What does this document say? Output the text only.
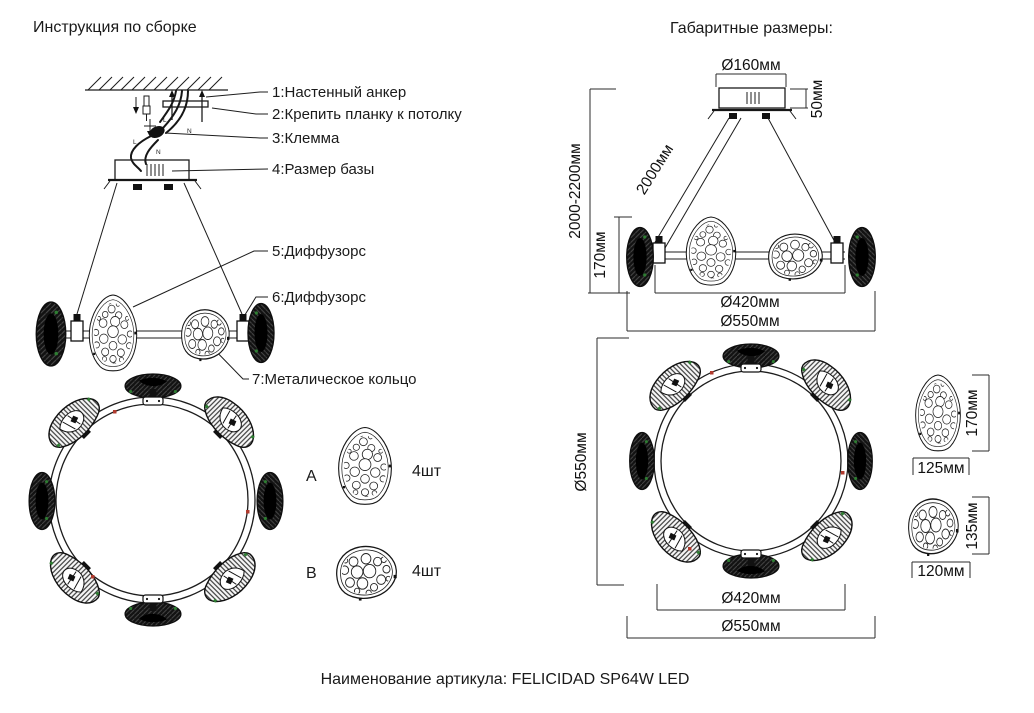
Инструкция по сборке
L
N
L
N
1:Настенный анкер
2:Крепить планку к потолку
3:Клемма
4:Размер базы
5:Диффузорс
6:Диффузорс
7:Металическое кольцо
A	4шт
B	4шт
Габаритные размеры:
Ø160мм
50мм
2000мм
2000-2200мм
170мм
Ø420мм
Ø550мм
Ø550мм
Ø420мм
Ø550мм
170мм
125мм
135мм
120мм
Наименование артикула: FELICIDAD SP64W LED
